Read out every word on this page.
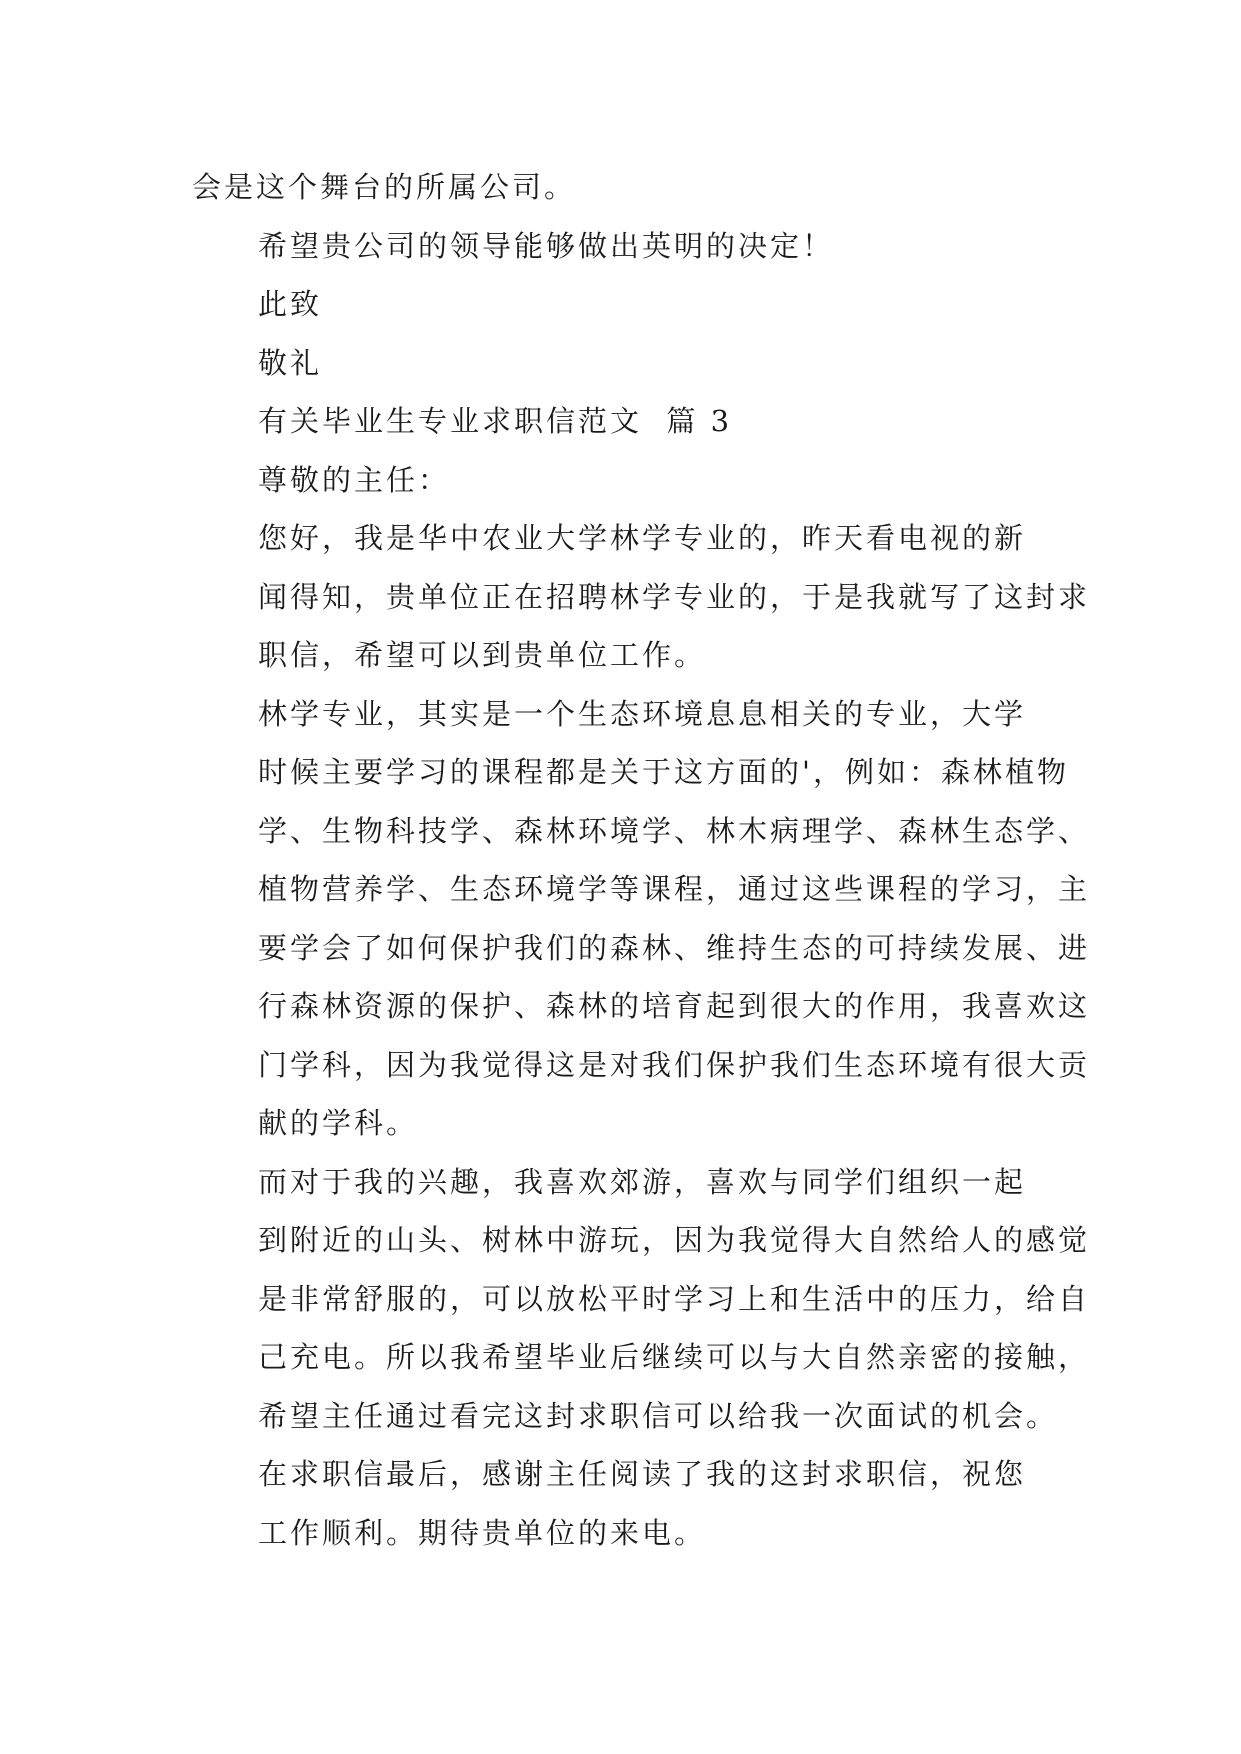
会是这个舞台的所属公司。

希望贵公司的领导能够做出英明的决定！

此致

敬礼

有关毕业生专业求职信范文  篇 3

尊敬的主任：

您好，我是华中农业大学林学专业的，昨天看电视的新
闻得知，贵单位正在招聘林学专业的，于是我就写了这封求
职信，希望可以到贵单位工作。

林学专业，其实是一个生态环境息息相关的专业，大学
时候主要学习的课程都是关于这方面的'，例如：森林植物
学、生物科技学、森林环境学、林木病理学、森林生态学、
植物营养学、生态环境学等课程，通过这些课程的学习，主
要学会了如何保护我们的森林、维持生态的可持续发展、进
行森林资源的保护、森林的培育起到很大的作用，我喜欢这
门学科，因为我觉得这是对我们保护我们生态环境有很大贡
献的学科。

而对于我的兴趣，我喜欢郊游，喜欢与同学们组织一起
到附近的山头、树林中游玩，因为我觉得大自然给人的感觉
是非常舒服的，可以放松平时学习上和生活中的压力，给自
己充电。所以我希望毕业后继续可以与大自然亲密的接触，
希望主任通过看完这封求职信可以给我一次面试的机会。

在求职信最后，感谢主任阅读了我的这封求职信，祝您
工作顺利。期待贵单位的来电。
